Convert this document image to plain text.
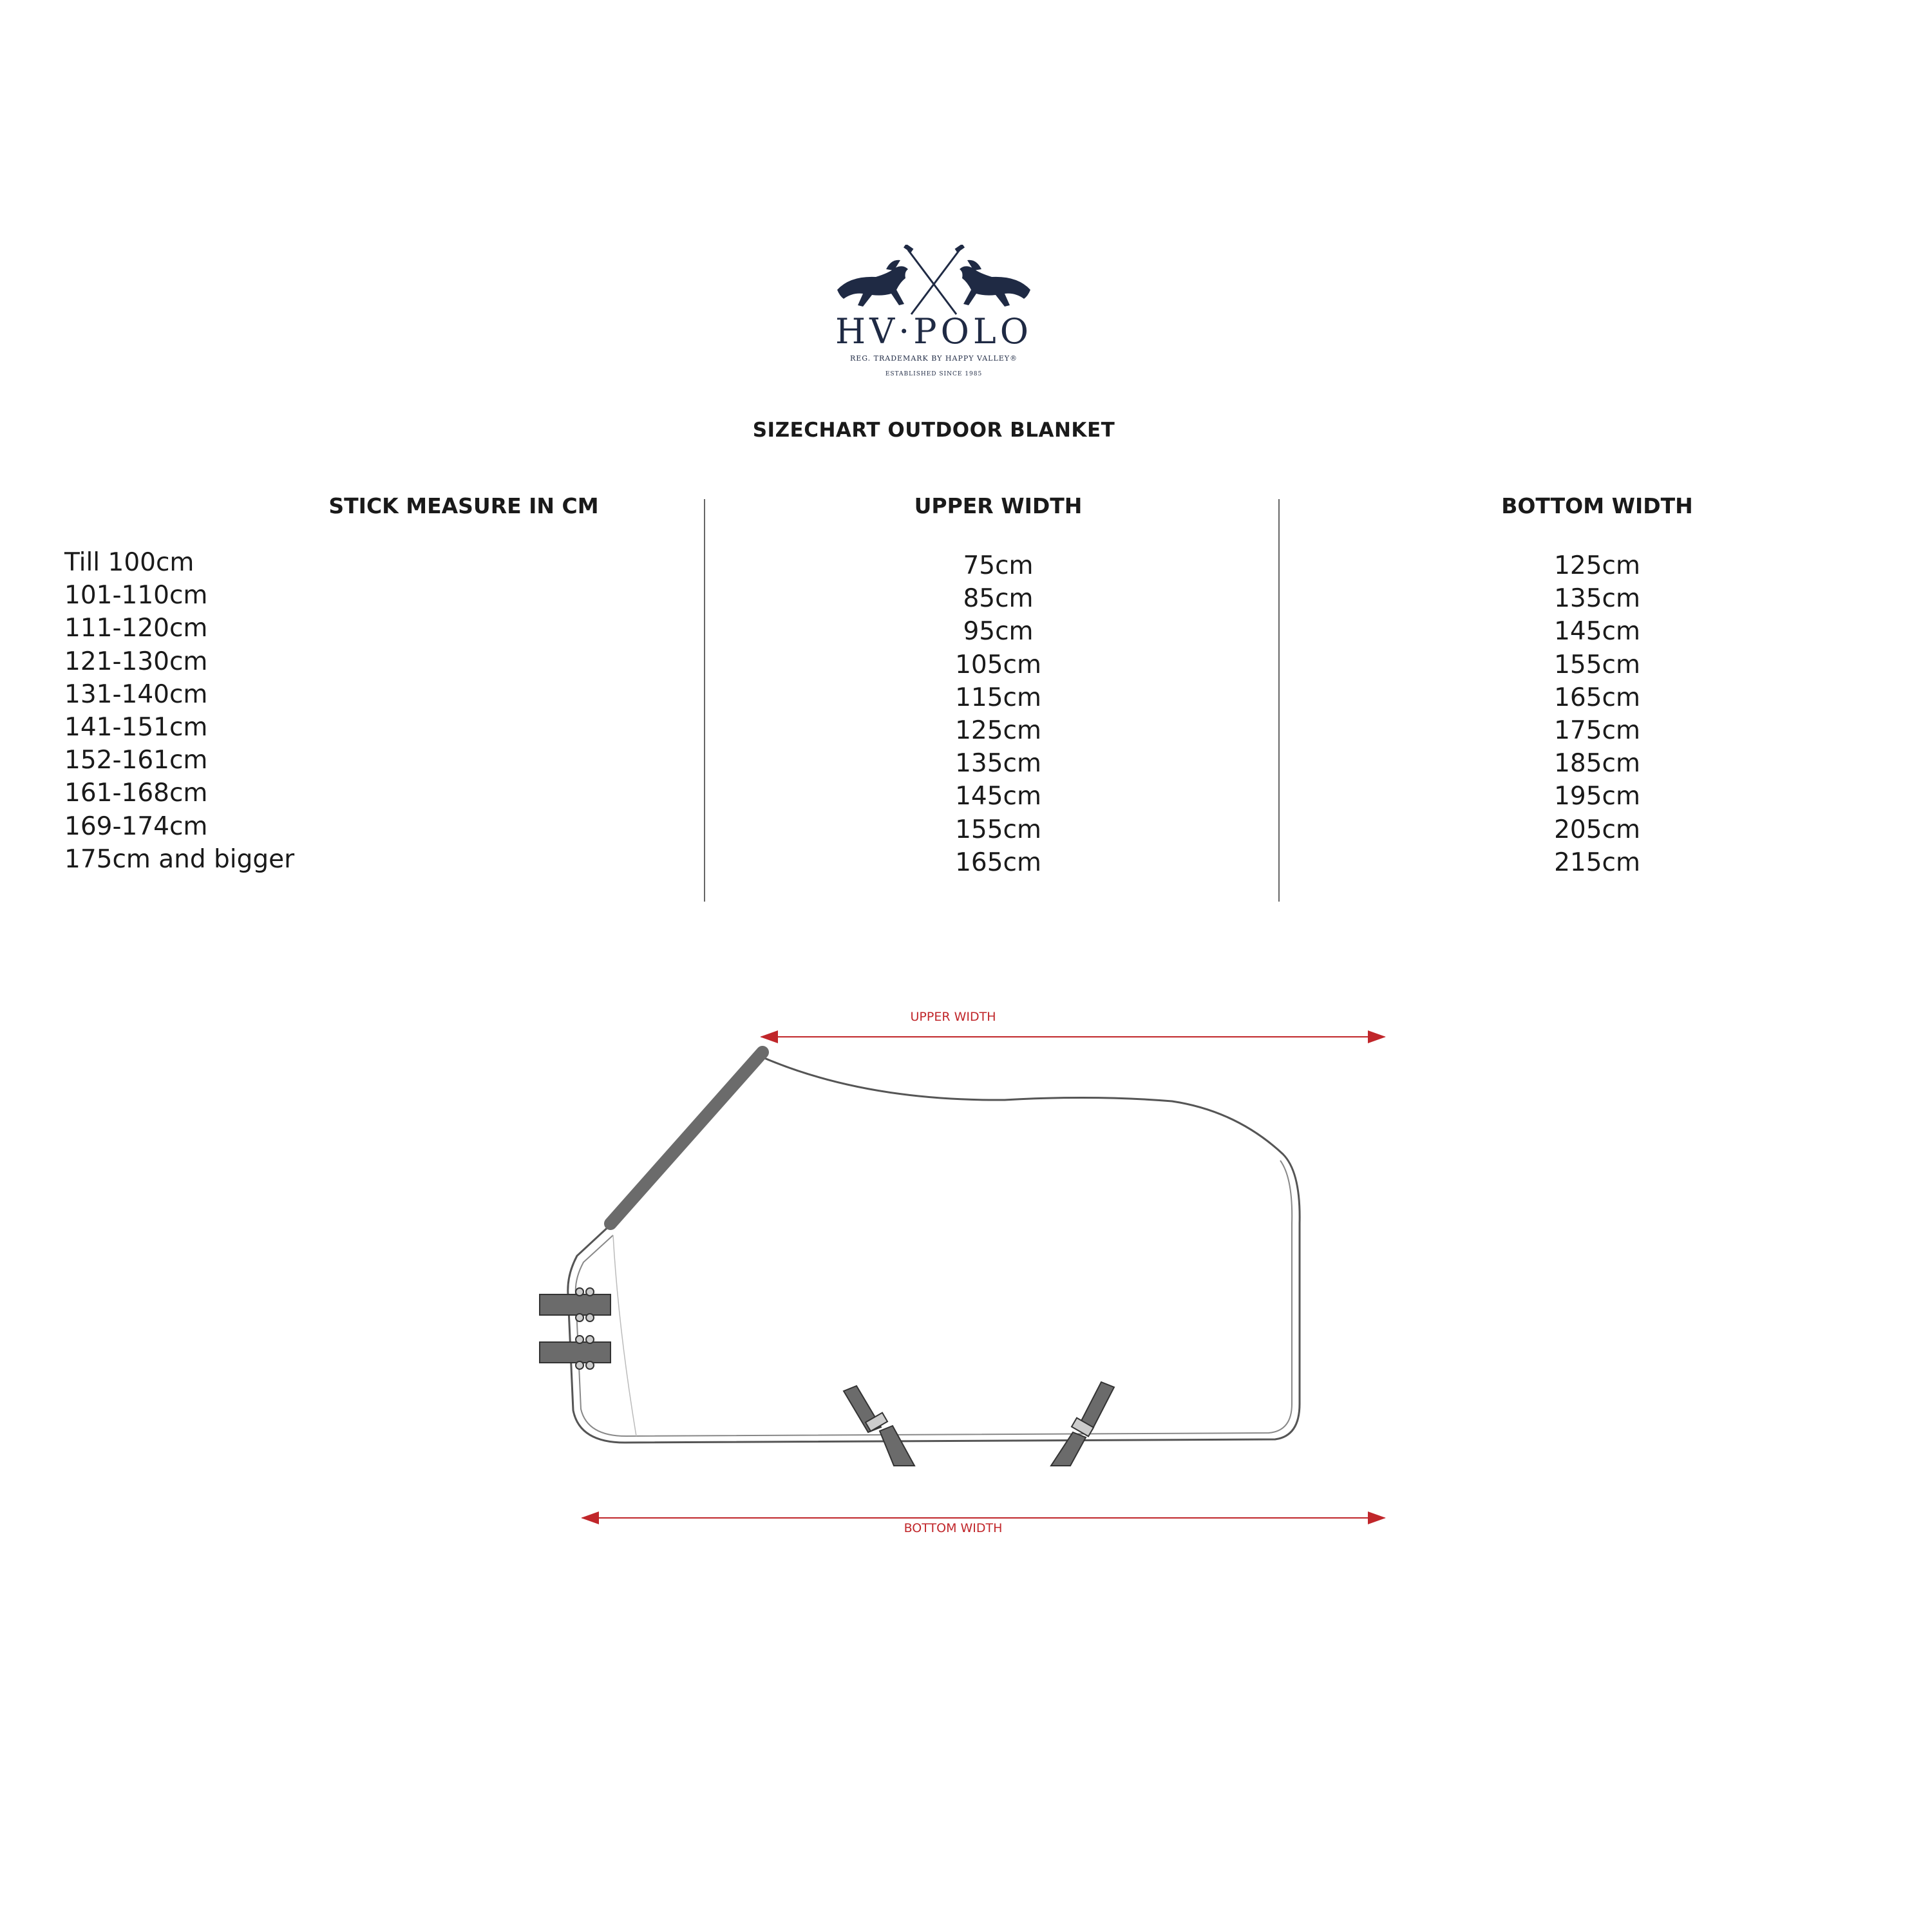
HV·POLO
REG. TRADEMARK BY HAPPY VALLEY®
ESTABLISHED SINCE 1985
SIZECHART OUTDOOR BLANKET
STICK MEASURE IN CM	UPPER WIDTH	BOTTOM WIDTH
Till 100cm
101-110cm
111-120cm
121-130cm
131-140cm
141-151cm
152-161cm
161-168cm
169-174cm
175cm and bigger
75cm
85cm
95cm
105cm
115cm
125cm
135cm
145cm
155cm
165cm
125cm
135cm
145cm
155cm
165cm
175cm
185cm
195cm
205cm
215cm
UPPER WIDTH
BOTTOM WIDTH
